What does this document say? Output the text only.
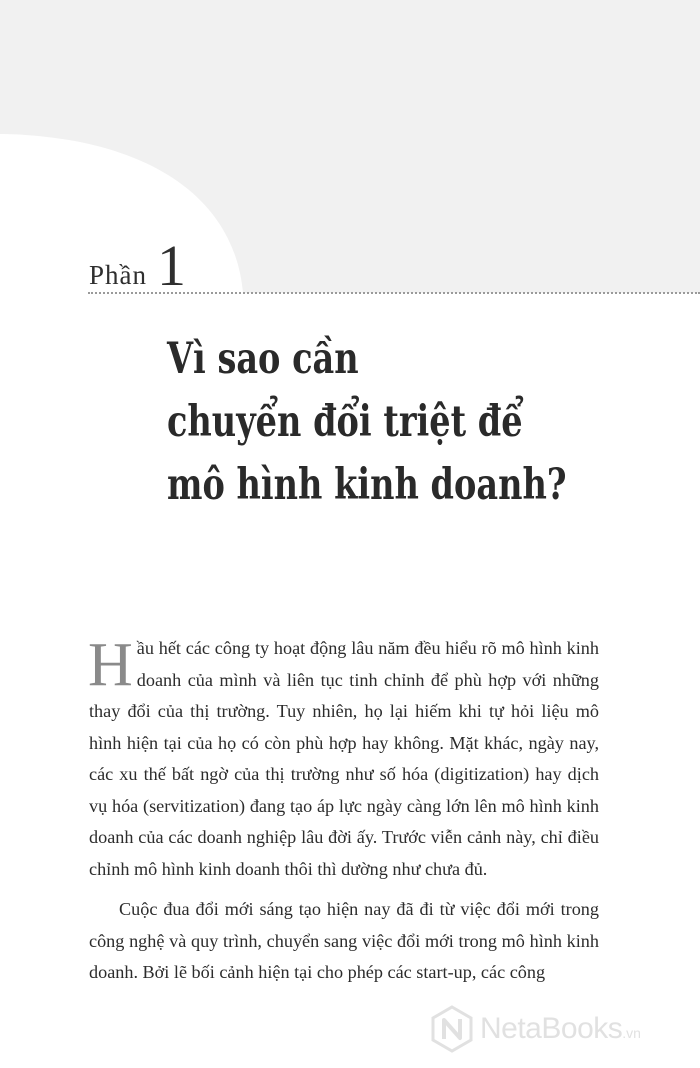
Phần 1
Vì sao cần
chuyển đổi triệt để
mô hình kinh doanh?

Hầu hết các công ty hoạt động lâu năm đều hiểu rõ mô hình kinh doanh của mình và liên tục tinh chỉnh để phù hợp với những thay đổi của thị trường. Tuy nhiên, họ lại hiếm khi tự hỏi liệu mô hình hiện tại của họ có còn phù hợp hay không. Mặt khác, ngày nay, các xu thế bất ngờ của thị trường như số hóa (digitization) hay dịch vụ hóa (servitization) đang tạo áp lực ngày càng lớn lên mô hình kinh doanh của các doanh nghiệp lâu đời ấy. Trước viễn cảnh này, chỉ điều chỉnh mô hình kinh doanh thôi thì dường như chưa đủ.

Cuộc đua đổi mới sáng tạo hiện nay đã đi từ việc đổi mới trong công nghệ và quy trình, chuyển sang việc đổi mới trong mô hình kinh doanh. Bởi lẽ bối cảnh hiện tại cho phép các start-up, các công

NetaBooks.vn
